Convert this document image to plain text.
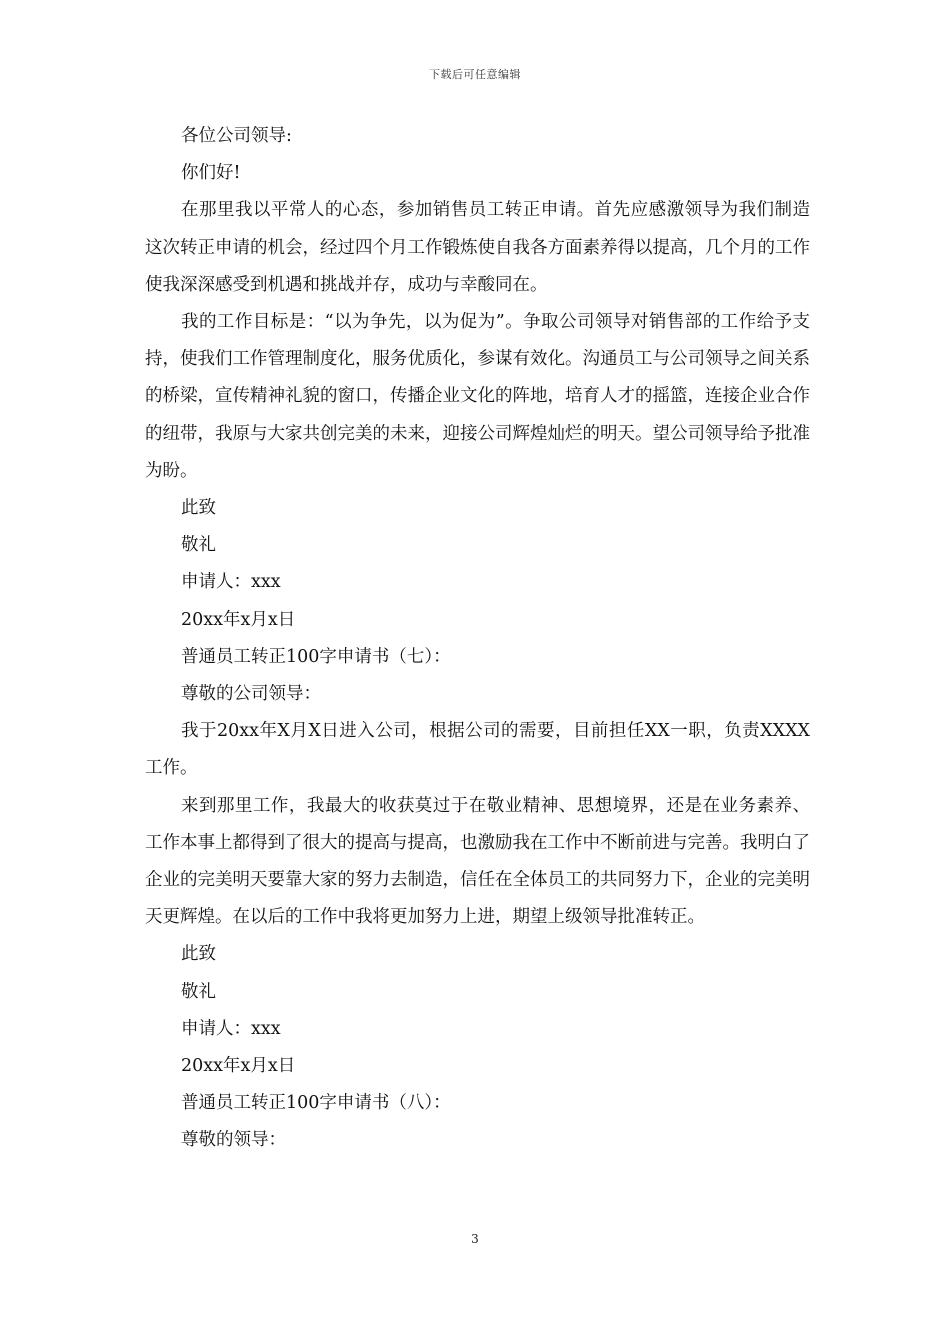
下载后可任意编辑

各位公司领导:

你们好!

在那里我以平常人的心态，参加销售员工转正申请。首先应感激领导为我们制造这次转正申请的机会，经过四个月工作锻炼使自我各方面素养得以提高，几个月的工作使我深深感受到机遇和挑战并存，成功与幸酸同在。

我的工作目标是：“以为争先，以为促为”。争取公司领导对销售部的工作给予支持，使我们工作管理制度化，服务优质化，参谋有效化。沟通员工与公司领导之间关系的桥梁，宣传精神礼貌的窗口，传播企业文化的阵地，培育人才的摇篮，连接企业合作的纽带，我原与大家共创完美的未来，迎接公司辉煌灿烂的明天。望公司领导给予批准为盼。

此致

敬礼

申请人：xxx

20xx年x月x日

普通员工转正100字申请书（七）：

尊敬的公司领导：

我于20xx年X月X日进入公司，根据公司的需要，目前担任XX一职，负责XXXX工作。

来到那里工作，我最大的收获莫过于在敬业精神、思想境界，还是在业务素养、工作本事上都得到了很大的提高与提高，也激励我在工作中不断前进与完善。我明白了企业的完美明天要靠大家的努力去制造，信任在全体员工的共同努力下，企业的完美明天更辉煌。在以后的工作中我将更加努力上进，期望上级领导批准转正。

此致

敬礼

申请人：xxx

20xx年x月x日

普通员工转正100字申请书（八）：

尊敬的领导：

3
